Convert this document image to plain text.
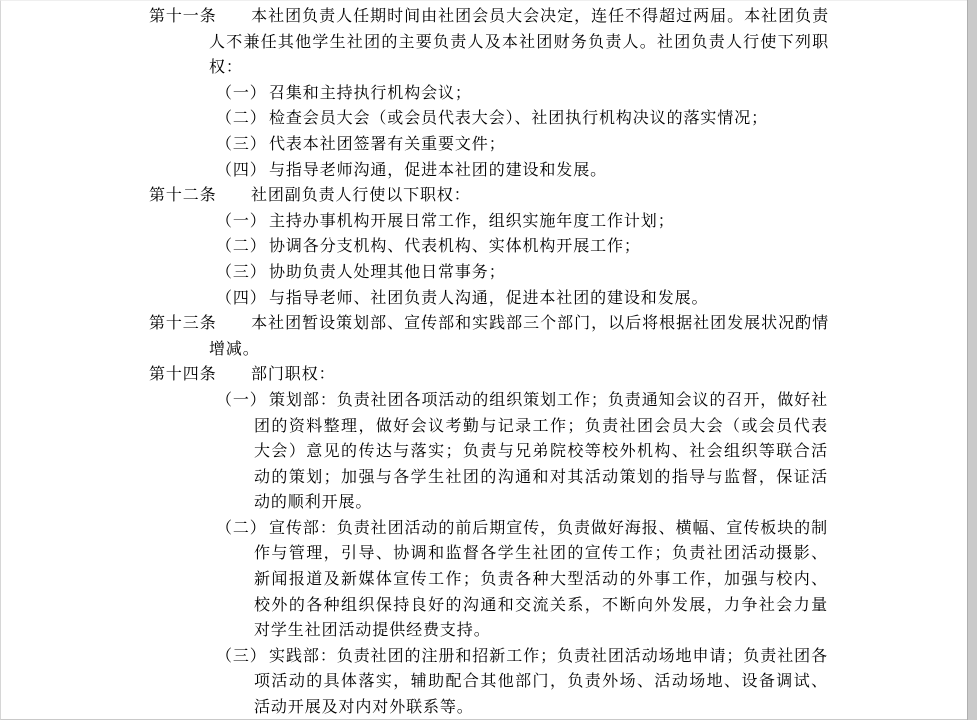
第十一条 本社团负责人任期时间由社团会员大会决定，连任不得超过两届。本社团负责人不兼任其他学生社团的主要负责人及本社团财务负责人。社团负责人行使下列职权：
（一） 召集和主持执行机构会议；
（二） 检查会员大会（或会员代表大会）、社团执行机构决议的落实情况；
（三） 代表本社团签署有关重要文件；
（四） 与指导老师沟通，促进本社团的建设和发展。
第十二条 社团副负责人行使以下职权：
（一） 主持办事机构开展日常工作，组织实施年度工作计划；
（二） 协调各分支机构、代表机构、实体机构开展工作；
（三） 协助负责人处理其他日常事务；
（四） 与指导老师、社团负责人沟通，促进本社团的建设和发展。
第十三条 本社团暂设策划部、宣传部和实践部三个部门，以后将根据社团发展状况酌情增减。
第十四条 部门职权：
（一） 策划部：负责社团各项活动的组织策划工作；负责通知会议的召开，做好社团的资料整理，做好会议考勤与记录工作；负责社团会员大会（或会员代表大会）意见的传达与落实；负责与兄弟院校等校外机构、社会组织等联合活动的策划；加强与各学生社团的沟通和对其活动策划的指导与监督，保证活动的顺利开展。
（二） 宣传部：负责社团活动的前后期宣传，负责做好海报、横幅、宣传板块的制作与管理，引导、协调和监督各学生社团的宣传工作；负责社团活动摄影、新闻报道及新媒体宣传工作；负责各种大型活动的外事工作，加强与校内、校外的各种组织保持良好的沟通和交流关系，不断向外发展，力争社会力量对学生社团活动提供经费支持。
（三） 实践部：负责社团的注册和招新工作；负责社团活动场地申请；负责社团各项活动的具体落实，辅助配合其他部门，负责外场、活动场地、设备调试、活动开展及对内对外联系等。
